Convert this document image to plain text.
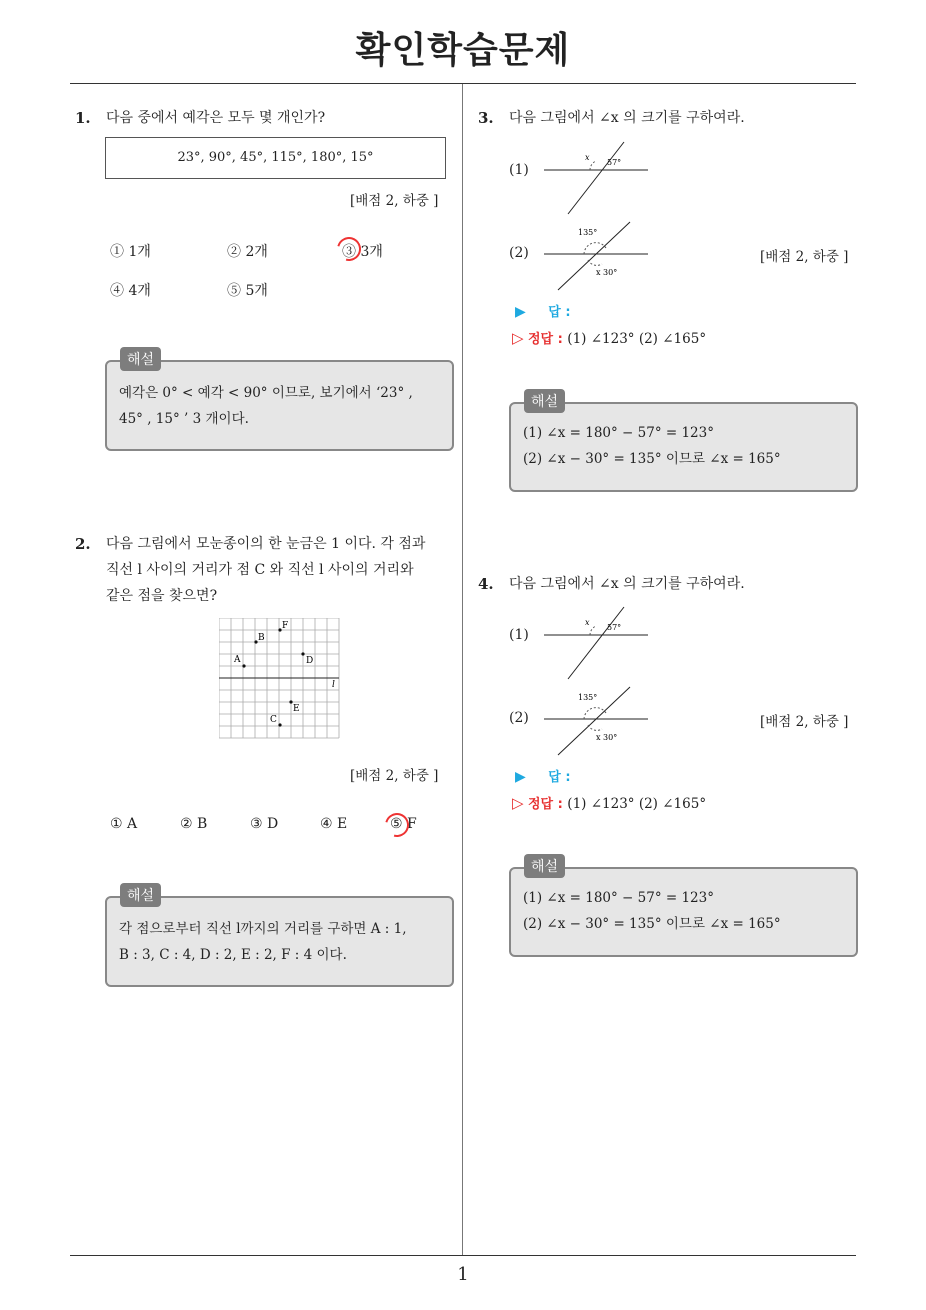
확인학습문제
1. 다음 중에서 예각은 모두 몇 개인가?
23°, 90°, 45°, 115°, 180°, 15°
[배점 2, 하중 ]
① 1개	② 2개	③ 3개
④ 4개	⑤ 5개
예각은 0° < 예각 < 90° 이므로, 보기에서 ‘23° ,
45° , 15° ’ 3 개이다.
해설
2. 다음 그림에서 모눈종이의 한 눈금은 1 이다. 각 점과
직선 l 사이의 거리가 점 C 와 직선 l 사이의 거리와
같은 점을 찾으면?
l
A
B
C
D
E
F
[배점 2, 하중 ]
① A	② B	③ D	④ E	⑤ F
각 점으로부터 직선 l까지의 거리를 구하면 A : 1,
B : 3, C : 4, D : 2, E : 2, F : 4 이다.
해설
3. 다음 그림에서 ∠x 의 크기를 구하여라.
(1)
x
57°
(2)
135°
x 30°
[배점 2, 하중 ]
▶ 답 :
▷ 정답 : (1) ∠123° (2) ∠165°
(1) ∠x = 180° − 57° = 123°
(2) ∠x − 30° = 135° 이므로 ∠x = 165°
해설
4. 다음 그림에서 ∠x 의 크기를 구하여라.
(1)
x
57°
(2)
135°
x 30°
[배점 2, 하중 ]
▶ 답 :
▷ 정답 : (1) ∠123° (2) ∠165°
(1) ∠x = 180° − 57° = 123°
(2) ∠x − 30° = 135° 이므로 ∠x = 165°
해설
1
